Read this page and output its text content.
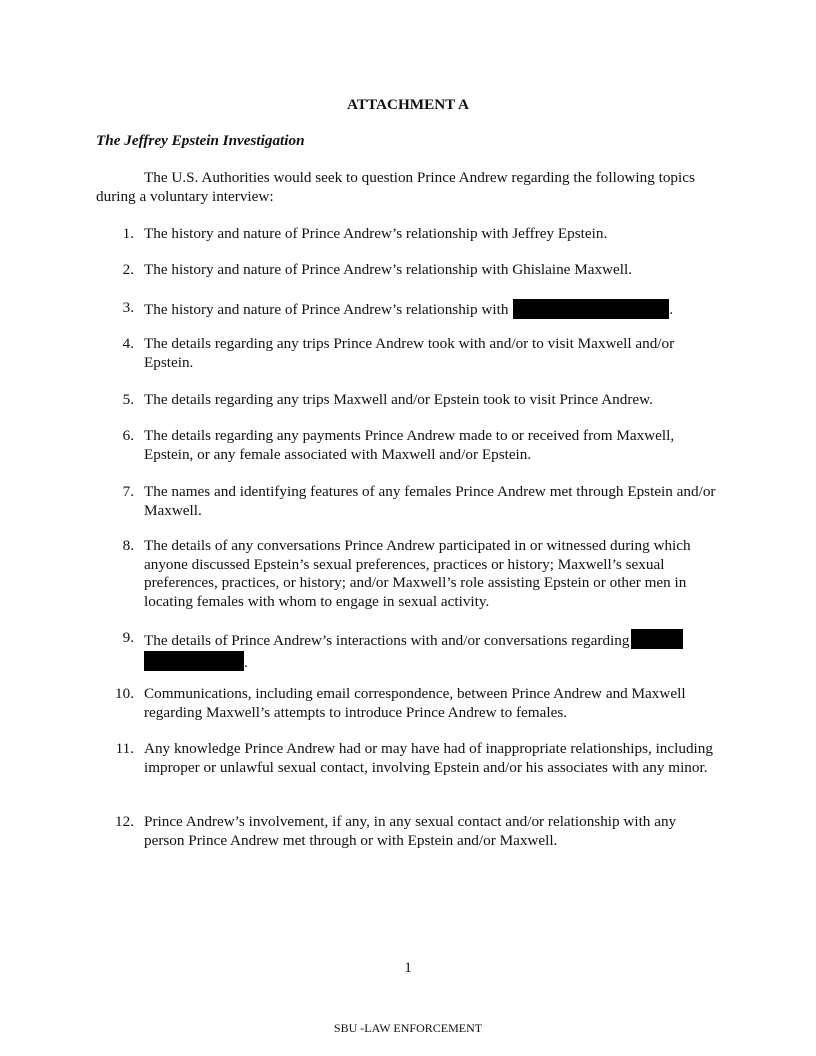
ATTACHMENT A
The Jeffrey Epstein Investigation
The U.S. Authorities would seek to question Prince Andrew regarding the following topics during a voluntary interview:
1. The history and nature of Prince Andrew’s relationship with Jeffrey Epstein.
2. The history and nature of Prince Andrew’s relationship with Ghislaine Maxwell.
3. The history and nature of Prince Andrew’s relationship with	.
4. The details regarding any trips Prince Andrew took with and/or to visit Maxwell and/or Epstein.
5. The details regarding any trips Maxwell and/or Epstein took to visit Prince Andrew.
6. The details regarding any payments Prince Andrew made to or received from Maxwell, Epstein, or any female associated with Maxwell and/or Epstein.
7. The names and identifying features of any females Prince Andrew met through Epstein and/or Maxwell.
8. The details of any conversations Prince Andrew participated in or witnessed during which anyone discussed Epstein’s sexual preferences, practices or history; Maxwell’s sexual preferences, practices, or history; and/or Maxwell’s role assisting Epstein or other men in locating females with whom to engage in sexual activity.
9. The details of Prince Andrew’s interactions with and/or conversations regarding .
10. Communications, including email correspondence, between Prince Andrew and Maxwell regarding Maxwell’s attempts to introduce Prince Andrew to females.
11. Any knowledge Prince Andrew had or may have had of inappropriate relationships, including improper or unlawful sexual contact, involving Epstein and/or his associates with any minor.
12. Prince Andrew’s involvement, if any, in any sexual contact and/or relationship with any person Prince Andrew met through or with Epstein and/or Maxwell.
1
SBU -LAW ENFORCEMENT
